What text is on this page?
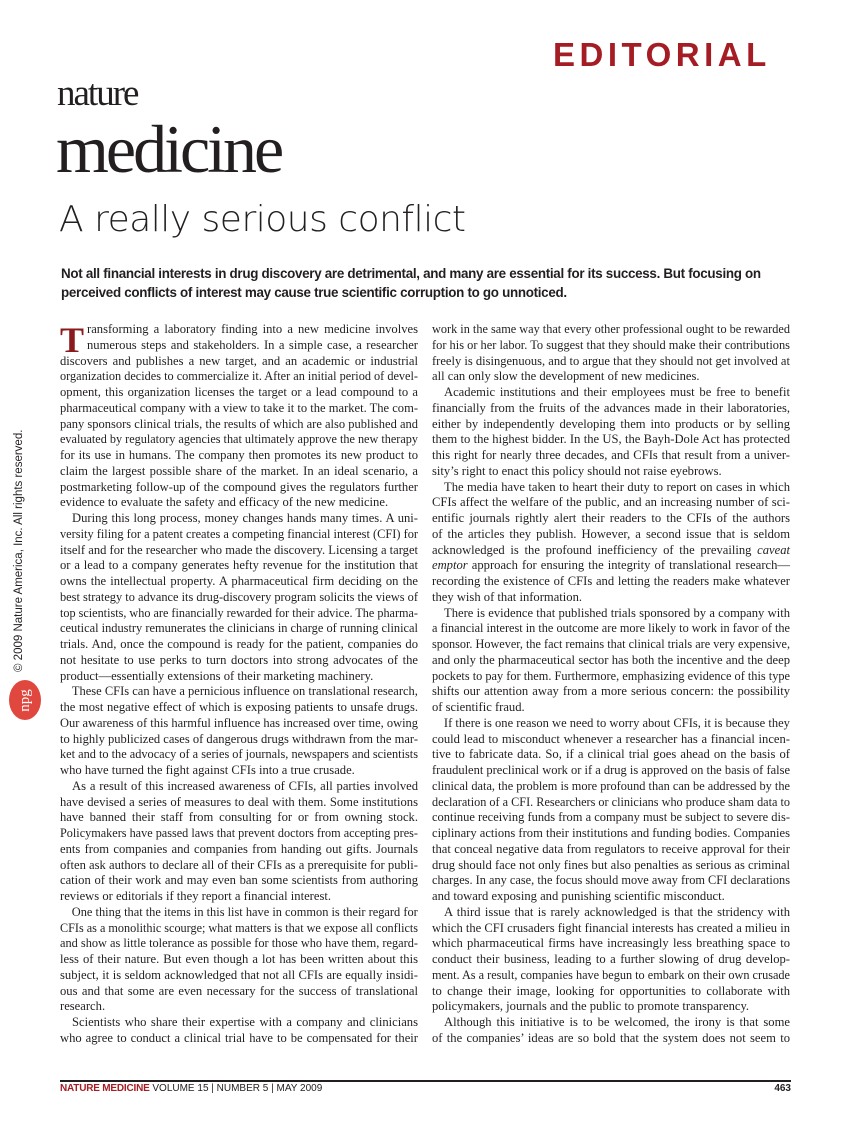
EDITORIAL
nature
medicine
A really serious conflict
Not all financial interests in drug discovery are detrimental, and many are essential for its success. But focusing on perceived conflicts of interest may cause true scientific corruption to go unnoticed.
T ransforming a laboratory finding into a new medicine involves
numerous steps and stakeholders. In a simple case, a researcher
discovers and publishes a new target, and an academic or industrial
organization decides to commercialize it. After an initial period of devel-
opment, this organization licenses the target or a lead compound to a
pharmaceutical company with a view to take it to the market. The com-
pany sponsors clinical trials, the results of which are also published and
evaluated by regulatory agencies that ultimately approve the new therapy
for its use in humans. The company then promotes its new product to
claim the largest possible share of the market. In an ideal scenario, a
postmarketing follow-up of the compound gives the regulators further
evidence to evaluate the safety and efficacy of the new medicine.
During this long process, money changes hands many times. A uni-
versity filing for a patent creates a competing financial interest (CFI) for
itself and for the researcher who made the discovery. Licensing a target
or a lead to a company generates hefty revenue for the institution that
owns the intellectual property. A pharmaceutical firm deciding on the
best strategy to advance its drug-discovery program solicits the views of
top scientists, who are financially rewarded for their advice. The pharma-
ceutical industry remunerates the clinicians in charge of running clinical
trials. And, once the compound is ready for the patient, companies do
not hesitate to use perks to turn doctors into strong advocates of the
product—essentially extensions of their marketing machinery.
These CFIs can have a pernicious influence on translational research,
the most negative effect of which is exposing patients to unsafe drugs.
Our awareness of this harmful influence has increased over time, owing
to highly publicized cases of dangerous drugs withdrawn from the mar-
ket and to the advocacy of a series of journals, newspapers and scientists
who have turned the fight against CFIs into a true crusade.
As a result of this increased awareness of CFIs, all parties involved
have devised a series of measures to deal with them. Some institutions
have banned their staff from consulting for or from owning stock.
Policymakers have passed laws that prevent doctors from accepting pres-
ents from companies and companies from handing out gifts. Journals
often ask authors to declare all of their CFIs as a prerequisite for publi-
cation of their work and may even ban some scientists from authoring
reviews or editorials if they report a financial interest.
One thing that the items in this list have in common is their regard for
CFIs as a monolithic scourge; what matters is that we expose all conflicts
and show as little tolerance as possible for those who have them, regard-
less of their nature. But even though a lot has been written about this
subject, it is seldom acknowledged that not all CFIs are equally insidi-
ous and that some are even necessary for the success of translational
research.
Scientists who share their expertise with a company and clinicians
who agree to conduct a clinical trial have to be compensated for their
work in the same way that every other professional ought to be rewarded
for his or her labor. To suggest that they should make their contributions
freely is disingenuous, and to argue that they should not get involved at
all can only slow the development of new medicines.
Academic institutions and their employees must be free to benefit
financially from the fruits of the advances made in their laboratories,
either by independently developing them into products or by selling
them to the highest bidder. In the US, the Bayh-Dole Act has protected
this right for nearly three decades, and CFIs that result from a univer-
sity’s right to enact this policy should not raise eyebrows.
The media have taken to heart their duty to report on cases in which
CFIs affect the welfare of the public, and an increasing number of sci-
entific journals rightly alert their readers to the CFIs of the authors
of the articles they publish. However, a second issue that is seldom
acknowledged is the profound inefficiency of the prevailing caveat
emptor approach for ensuring the integrity of translational research—
recording the existence of CFIs and letting the readers make whatever
they wish of that information.
There is evidence that published trials sponsored by a company with
a financial interest in the outcome are more likely to work in favor of the
sponsor. However, the fact remains that clinical trials are very expensive,
and only the pharmaceutical sector has both the incentive and the deep
pockets to pay for them. Furthermore, emphasizing evidence of this type
shifts our attention away from a more serious concern: the possibility
of scientific fraud.
If there is one reason we need to worry about CFIs, it is because they
could lead to misconduct whenever a researcher has a financial incen-
tive to fabricate data. So, if a clinical trial goes ahead on the basis of
fraudulent preclinical work or if a drug is approved on the basis of false
clinical data, the problem is more profound than can be addressed by the
declaration of a CFI. Researchers or clinicians who produce sham data to
continue receiving funds from a company must be subject to severe dis-
ciplinary actions from their institutions and funding bodies. Companies
that conceal negative data from regulators to receive approval for their
drug should face not only fines but also penalties as serious as criminal
charges. In any case, the focus should move away from CFI declarations
and toward exposing and punishing scientific misconduct.
A third issue that is rarely acknowledged is that the stridency with
which the CFI crusaders fight financial interests has created a milieu in
which pharmaceutical firms have increasingly less breathing space to
conduct their business, leading to a further slowing of drug develop-
ment. As a result, companies have begun to embark on their own crusade
to change their image, looking for opportunities to collaborate with
policymakers, journals and the public to promote transparency.
Although this initiative is to be welcomed, the irony is that some
of the companies’ ideas are so bold that the system does not seem to
© 2009 Nature America, Inc. All rights reserved.
npg
NATURE MEDICINE VOLUME 15 | NUMBER 5 | MAY 2009	463
